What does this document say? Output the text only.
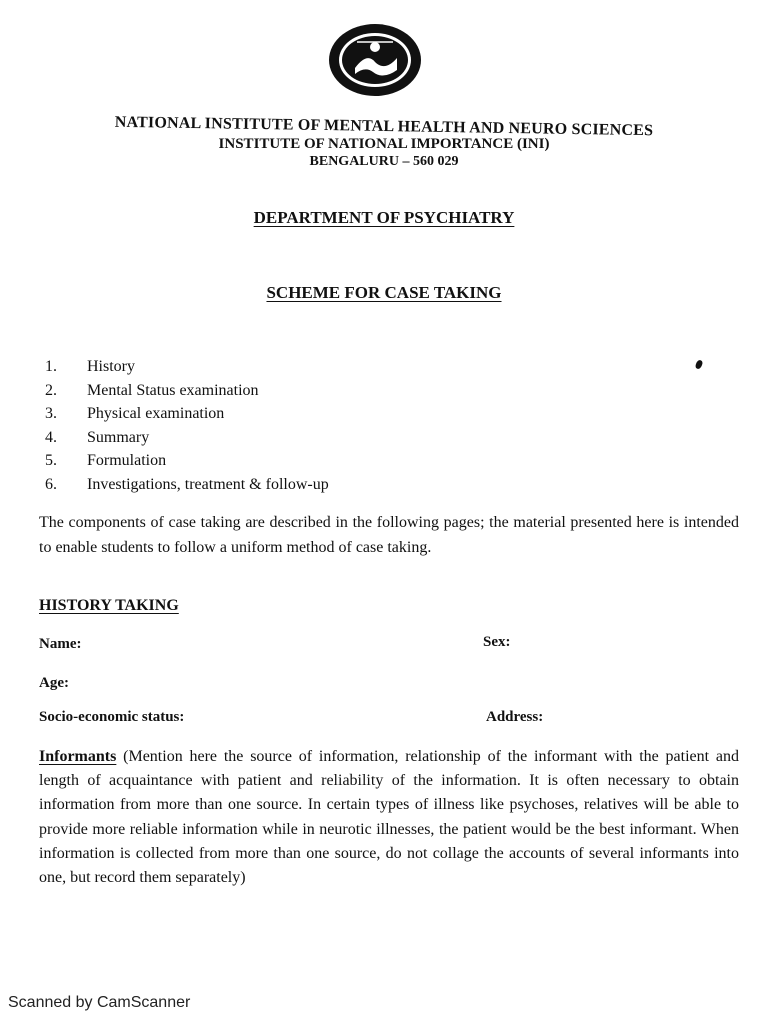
NATIONAL INSTITUTE OF MENTAL HEALTH AND NEURO SCIENCES
INSTITUTE OF NATIONAL IMPORTANCE (INI)
BENGALURU – 560 029
DEPARTMENT OF PSYCHIATRY
SCHEME FOR CASE TAKING
1.	History
2.	Mental Status examination
3.	Physical examination
4.	Summary
5.	Formulation
6.	Investigations, treatment & follow-up
The components of case taking are described in the following pages; the material presented here is intended to enable students to follow a uniform method of case taking.
HISTORY TAKING
Name:	Sex:
Age:
Socio-economic status:	Address:
Informants (Mention here the source of information, relationship of the informant with the patient and length of acquaintance with patient and reliability of the information. It is often necessary to obtain information from more than one source. In certain types of illness like psychoses, relatives will be able to provide more reliable information while in neurotic illnesses, the patient would be the best informant. When information is collected from more than one source, do not collage the accounts of several informants into one, but record them separately)
Scanned by CamScanner
